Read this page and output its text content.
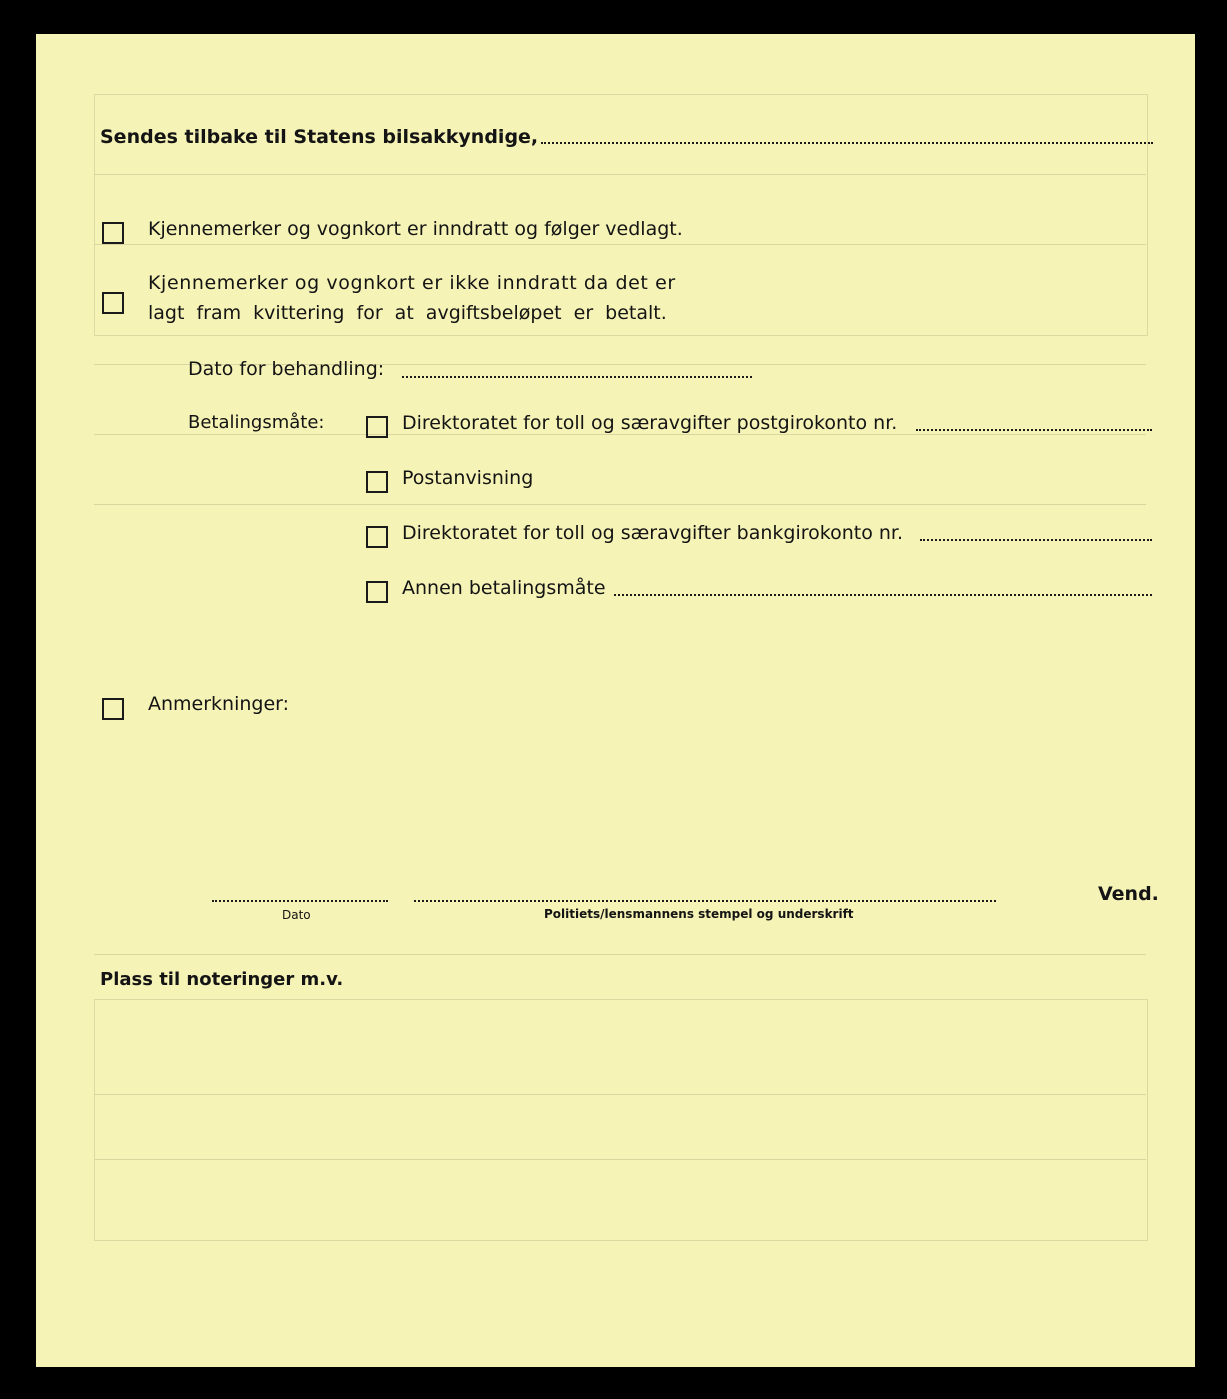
Sendes tilbake til Statens bilsakkyndige,
Kjennemerker og vognkort er inndratt og følger vedlagt.
Kjennemerker og vognkort er ikke inndratt da det er
lagt fram kvittering for at avgiftsbeløpet er betalt.
Dato for behandling:
Betalingsmåte:	Direktoratet for toll og særavgifter postgirokonto nr.
Postanvisning
Direktoratet for toll og særavgifter bankgirokonto nr.
Annen betalingsmåte
Anmerkninger:
Dato	Politiets/lensmannens stempel og underskrift
Vend.
Plass til noteringer m.v.
